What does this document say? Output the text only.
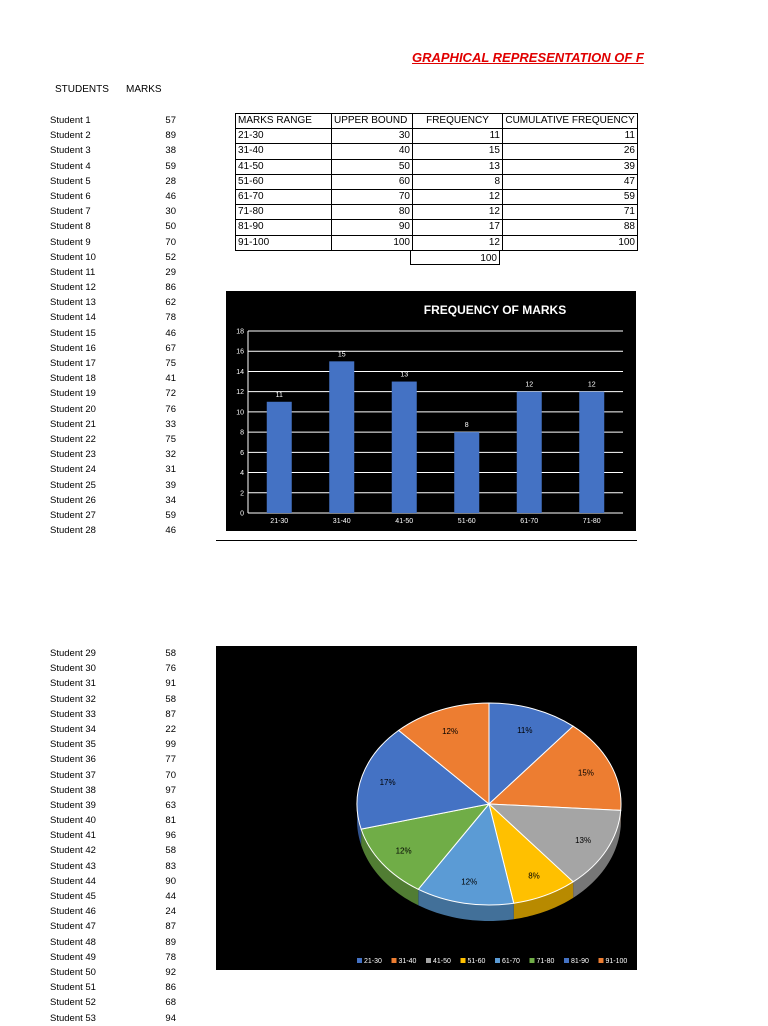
GRAPHICAL REPRESENTATION OF F
STUDENTS MARKS
Student 1	57
Student 2	89
Student 3	38
Student 4	59
Student 5	28
Student 6	46
Student 7	30
Student 8	50
Student 9	70
Student 10	52
Student 11	29
Student 12	86
Student 13	62
Student 14	78
Student 15	46
Student 16	67
Student 17	75
Student 18	41
Student 19	72
Student 20	76
Student 21	33
Student 22	75
Student 23	32
Student 24	31
Student 25	39
Student 26	34
Student 27	59
Student 28	46
Student 29	58
Student 30	76
Student 31	91
Student 32	58
Student 33	87
Student 34	22
Student 35	99
Student 36	77
Student 37	70
Student 38	97
Student 39	63
Student 40	81
Student 41	96
Student 42	58
Student 43	83
Student 44	90
Student 45	44
Student 46	24
Student 47	87
Student 48	89
Student 49	78
Student 50	92
Student 51	86
Student 52	68
Student 53	94
MARKS RANGE	UPPER BOUND	FREQUENCY	CUMULATIVE FREQUENCY
21-30	30	11	11
31-40	40	15	26
41-50	50	13	39
51-60	60	8	47
61-70	70	12	59
71-80	80	12	71
81-90	90	17	88
91-100	100	12	100
100
FREQUENCY OF MARKS
0
2
4
6
8
10
12
14
16
18
11
21-30
15
31-40
13
41-50
8
51-60
12
61-70
12
71-80
11%
15%
13%
8%
12%
12%
17%
12%
21-30 31-40 41-50 51-60 61-70 71-80 81-90 91-100
